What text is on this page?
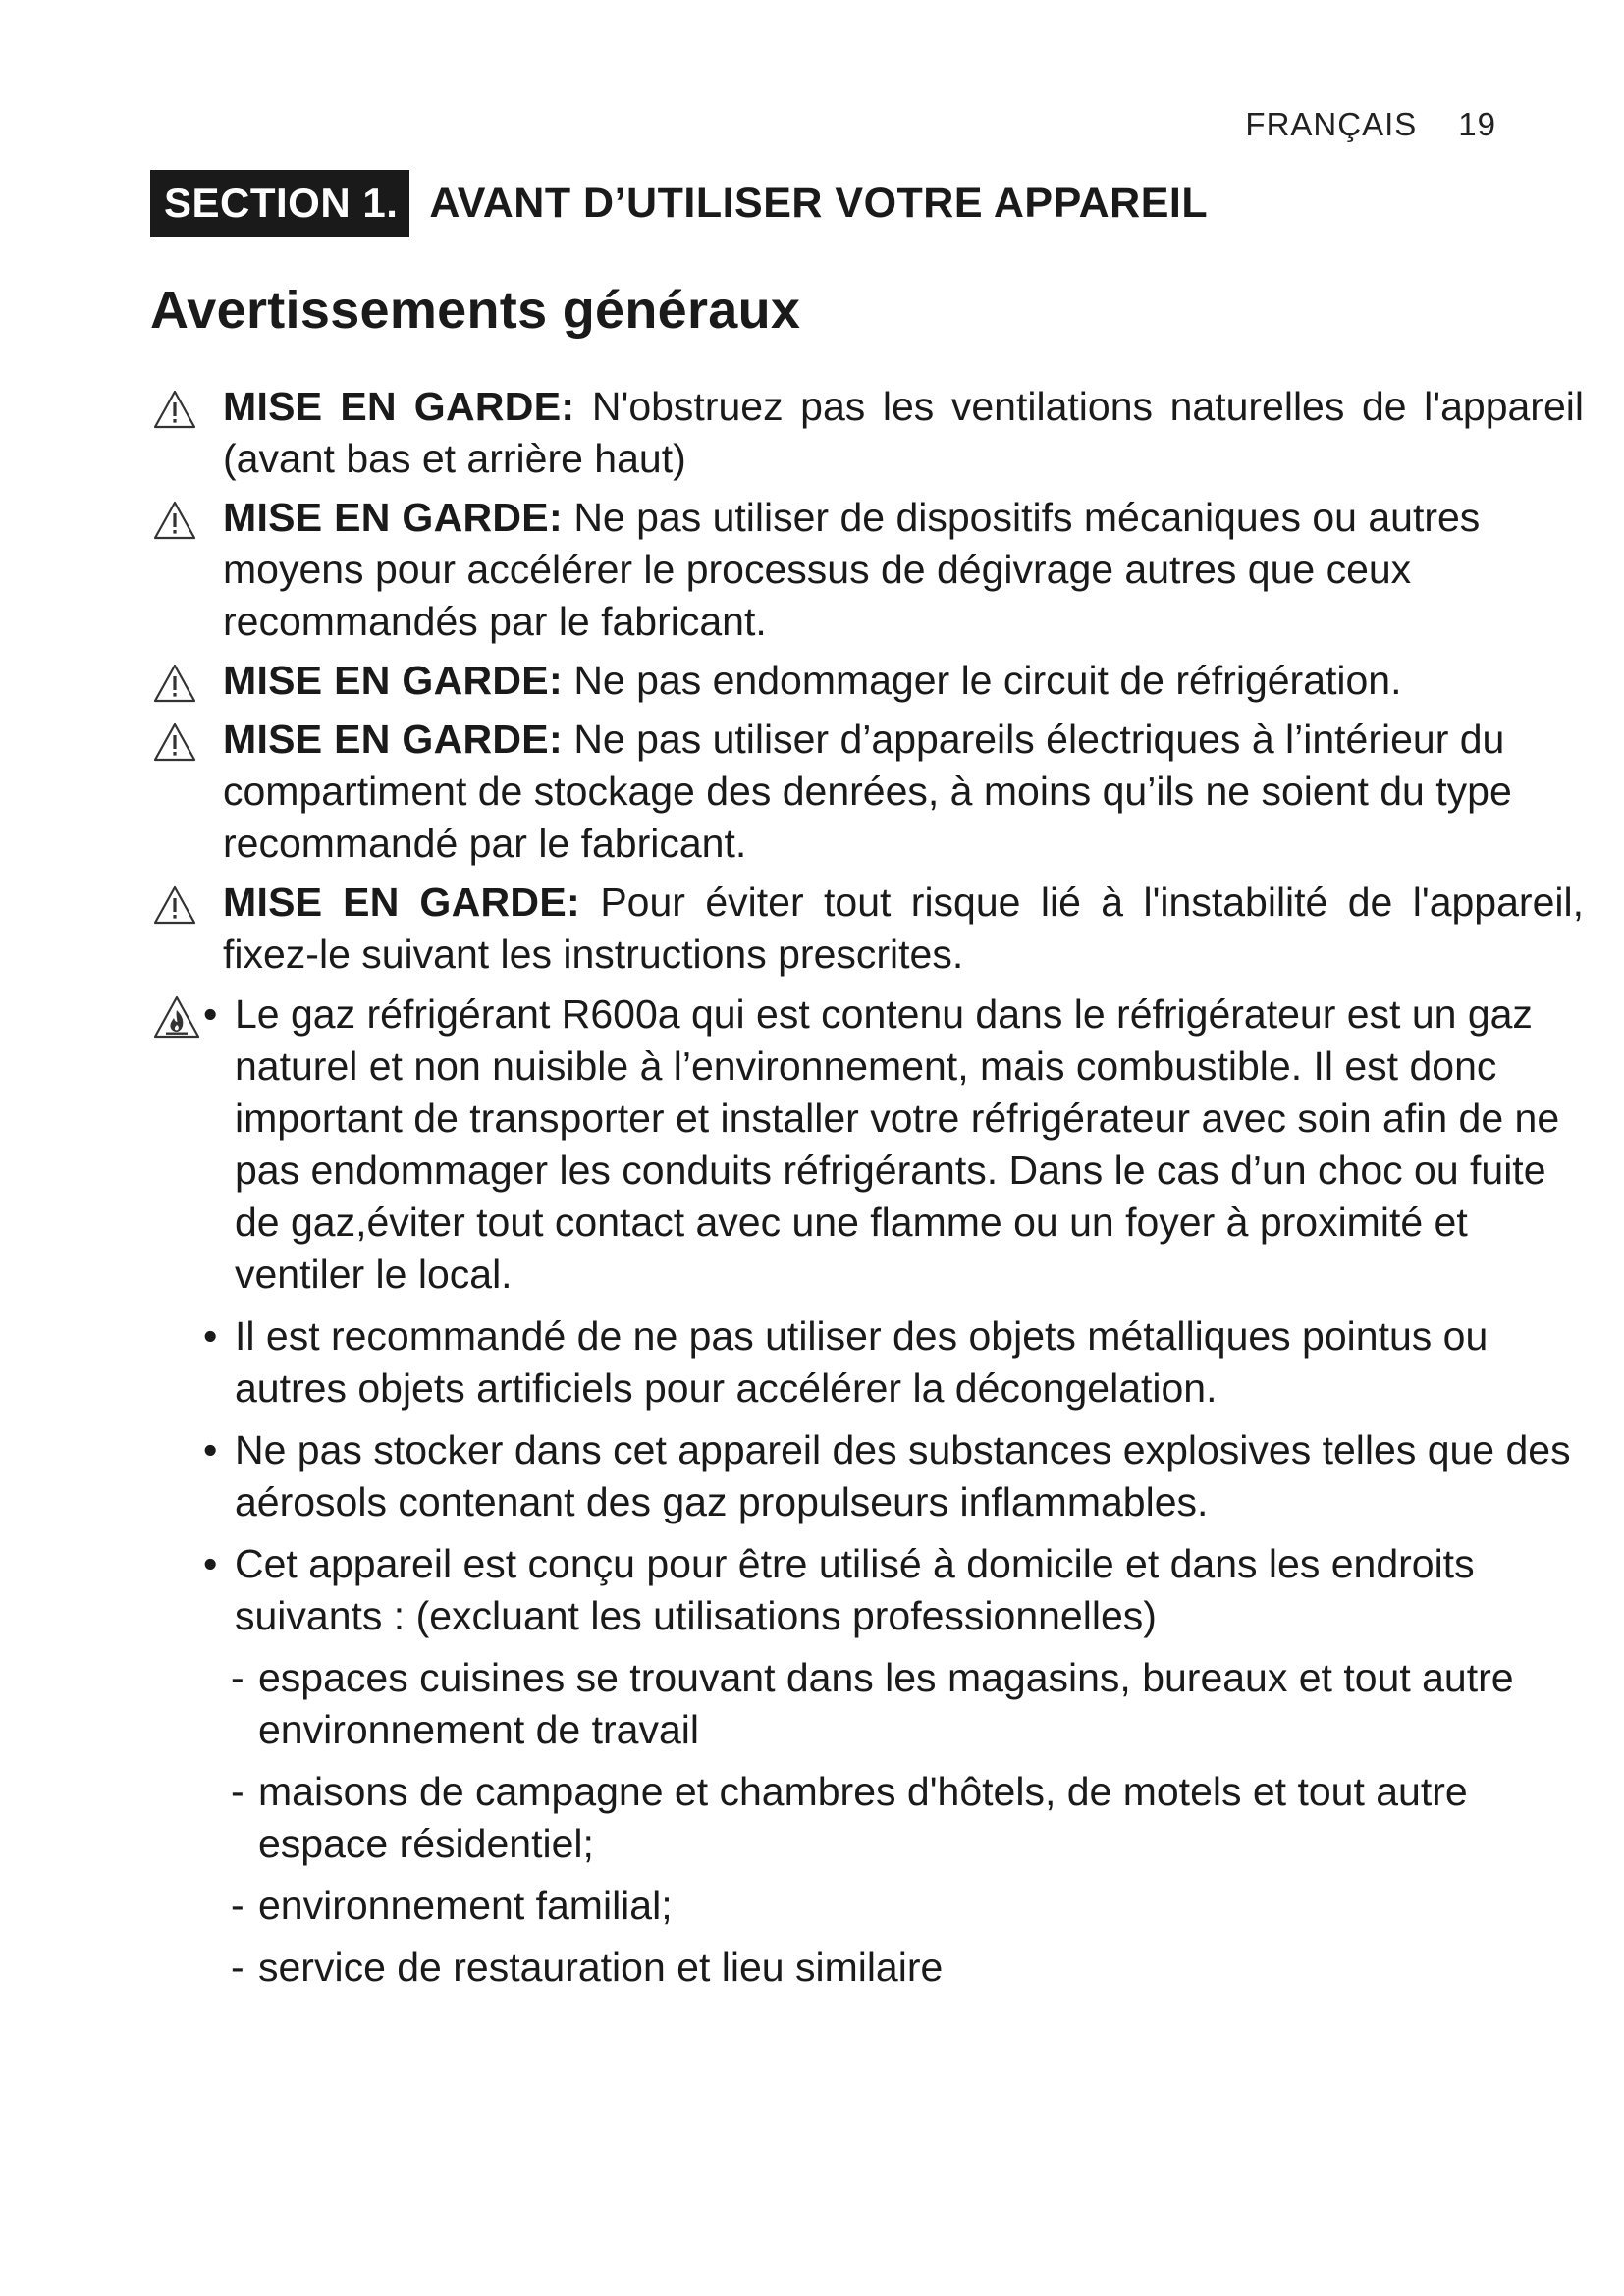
FRANÇAIS 19
SECTION 1. AVANT D’UTILISER VOTRE APPAREIL
Avertissements généraux
MISE EN GARDE: N'obstruez pas les ventilations naturelles de l'appareil (avant bas et arrière haut)
MISE EN GARDE: Ne pas utiliser de dispositifs mécaniques ou autres moyens pour accélérer le processus de dégivrage autres que ceux recommandés par le fabricant.
MISE EN GARDE: Ne pas endommager le circuit de réfrigération.
MISE EN GARDE: Ne pas utiliser d’appareils électriques à l’intérieur du compartiment de stockage des denrées, à moins qu’ils ne soient du type recommandé par le fabricant.
MISE EN GARDE: Pour éviter tout risque lié à l'instabilité de l'appareil, fixez-le suivant les instructions prescrites.
• Le gaz réfrigérant R600a qui est contenu dans le réfrigérateur est un gaz naturel et non nuisible à l’environnement, mais combustible. Il est donc important de transporter et installer votre réfrigérateur avec soin afin de ne pas endommager les conduits réfrigérants. Dans le cas d’un choc ou fuite de gaz,éviter tout contact avec une flamme ou un foyer à proximité et ventiler le local.
• Il est recommandé de ne pas utiliser des objets métalliques pointus ou autres objets artificiels pour accélérer la décongelation.
• Ne pas stocker dans cet appareil des substances explosives telles que des aérosols contenant des gaz propulseurs inflammables.
• Cet appareil est conçu pour être utilisé à domicile et dans les endroits suivants : (excluant les utilisations professionnelles)
- espaces cuisines se trouvant dans les magasins, bureaux et tout autre environnement de travail
- maisons de campagne et chambres d'hôtels, de motels et tout autre espace résidentiel;
- environnement familial;
- service de restauration et lieu similaire
